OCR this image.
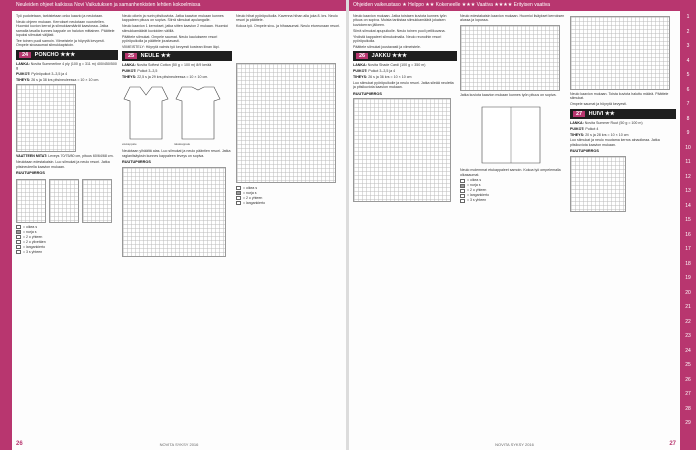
Neuleiden ohjeet kaikissa Novi Vaikutuksen ja samanhenkisten lehtien kokoelmissa

Työ pudotetaan, tarkistetaan onko kaavio ja neulotaan.

Neulo ohjeen mukaan. Kerrokset neulotaan vuorotellen. Huomioi kuvion kerrat ja silmukkamäärät kaaviossa. Jatka samalla tavalla kunnes kappale on halutun mittainen. Päättele lopuksi silmukat väljästi.

Tee toinen puoli samoin. Viimeistele ja höyrytä kevyesti. Ompele sivusaumat silmukkapistoin.

24 PONCHO ★★★

LANKA: Novita Summerline 4 ply (100 g = 311 m) 400/450/500 g

PUIKOT: Pyöröpuikot 3–3,5 ja 4

TIHEYS: 26 s ja 38 krs pitsineuleessa = 10 × 10 cm.

VAATTEEN MITAT: Leveys 70/75/80 cm, pituus 60/64/68 cm.

Neulotaan edestakaisin. Luo silmukat ja neulo resori. Jatka pitsineuleella kaavion mukaan.

RUUTUPIIRROS
= oikea s
= nurja s
= 2 o yhteen
= 2 o ylivetäen
= langankierto
= 3 s yhteen

Neulo oikein ja nurin pitsikuviota. Jatka kaavion mukaan kunnes kappaleen pituus on sopiva. Siirrä silmukat apulangalle.

Neulo kaavion 1 kerrokset, jatka sitten kaavion 2 mukaan. Huomioi silmukkamäärät kuvioiden välillä.

Päättele silmukat. Ompele saumat. Neulo kaulukseen resori pyöröpuikolla ja päättele joustavasti.

VIIMEISTELY: Höyrytä valmis työ kevyesti kostean liinan läpi.

25 NEULE ★★

LANKA: Novita Softest Cotton (50 g = 100 m) 8/9 kerää

PUIKOT: Puikot 3–3,5

TIHEYS: 22,5 s ja 29 krs pitsineuleessa = 10 × 10 cm.

etukappale	takakappale

Neulotaan ylhäältä alas. Luo silmukat ja neulo pääntien resori. Jatka raglanlisäyksin kunnes kappaleen leveys on sopiva.

RUUTUPIIRROS

Neulo hihat pyöröpuikolla. Kavenna hihan alla joka 8. krs. Neulo resori ja päättele.

Kokoa työ. Ompele sivu- ja hihasaumat. Neulo etureunaan resori.

= oikea s
= nurja s
= 2 o yhteen
= langankierto
26	NOVITA SYKSY 2016
Ohjeiden vaikeustaso ★ Helppo ★★ Kokeneelle ★★★ Vaativa ★★★★ Erityisen vaativa

Neulo kaavion mukaan. Jatka toistaen kuviota kunnes työn pituus on sopiva. Muista tarkistaa silmukkamäärä jokaisen kuviokerran jälkeen.

Siirrä silmukat apupuikolle. Neulo toinen puoli peilikuvana.

Yhdistä kappaleet silmukoimalla. Neulo reunoihin resori pyöröpuikolla.

Päättele silmukat joustavasti ja viimeistele.

26 JAKKU ★★★

LANKA: Novita Shade Cardi (100 g = 350 m)

PUIKOT: Puikot 3–3,5 ja 4

TIHEYS: 26 s ja 36 krs = 10 × 10 cm

Luo silmukat pyöröpuikolle ja neulo resori. Jatka sileää neuletta ja pitsikuviota kaavion mukaan.

RUUTUPIIRROS

Neulo edestakaisin kaavion mukaan. Huomioi lisäykset kerroksen alussa ja lopussa.

Jatka kuviota kaavion mukaan kunnes työn pituus on sopiva.

Neulo molemmat etukappaleet samoin. Kokoa työ ompelemalla olkasaumat.

= oikea s
= nurja s
= 2 o yhteen
= langankierto
= 3 s yhteen

Neulo kaavion mukaan. Toista kuviota haluttu määrä. Päättele silmukat.

Ompele saumat ja höyrytä kevyesti.

27 HUIVI ★★

LANKA: Novita Summer Ruut (50 g = 100 m)

PUIKOT: Puikot 4

TIHEYS: 20 s ja 28 krs = 10 × 10 cm

Luo silmukat ja neulo muutama kerros ainaoikeaa. Jatka pitsikuviota kaavion mukaan.

RUUTUPIIRROS
27
NOVITA SYKSY 2016
1
2
3
4
5
6
7
8
9
10
11
12
13
14
15
16
17
18
19
20
21
22
23
24
25
26
27
28
29
